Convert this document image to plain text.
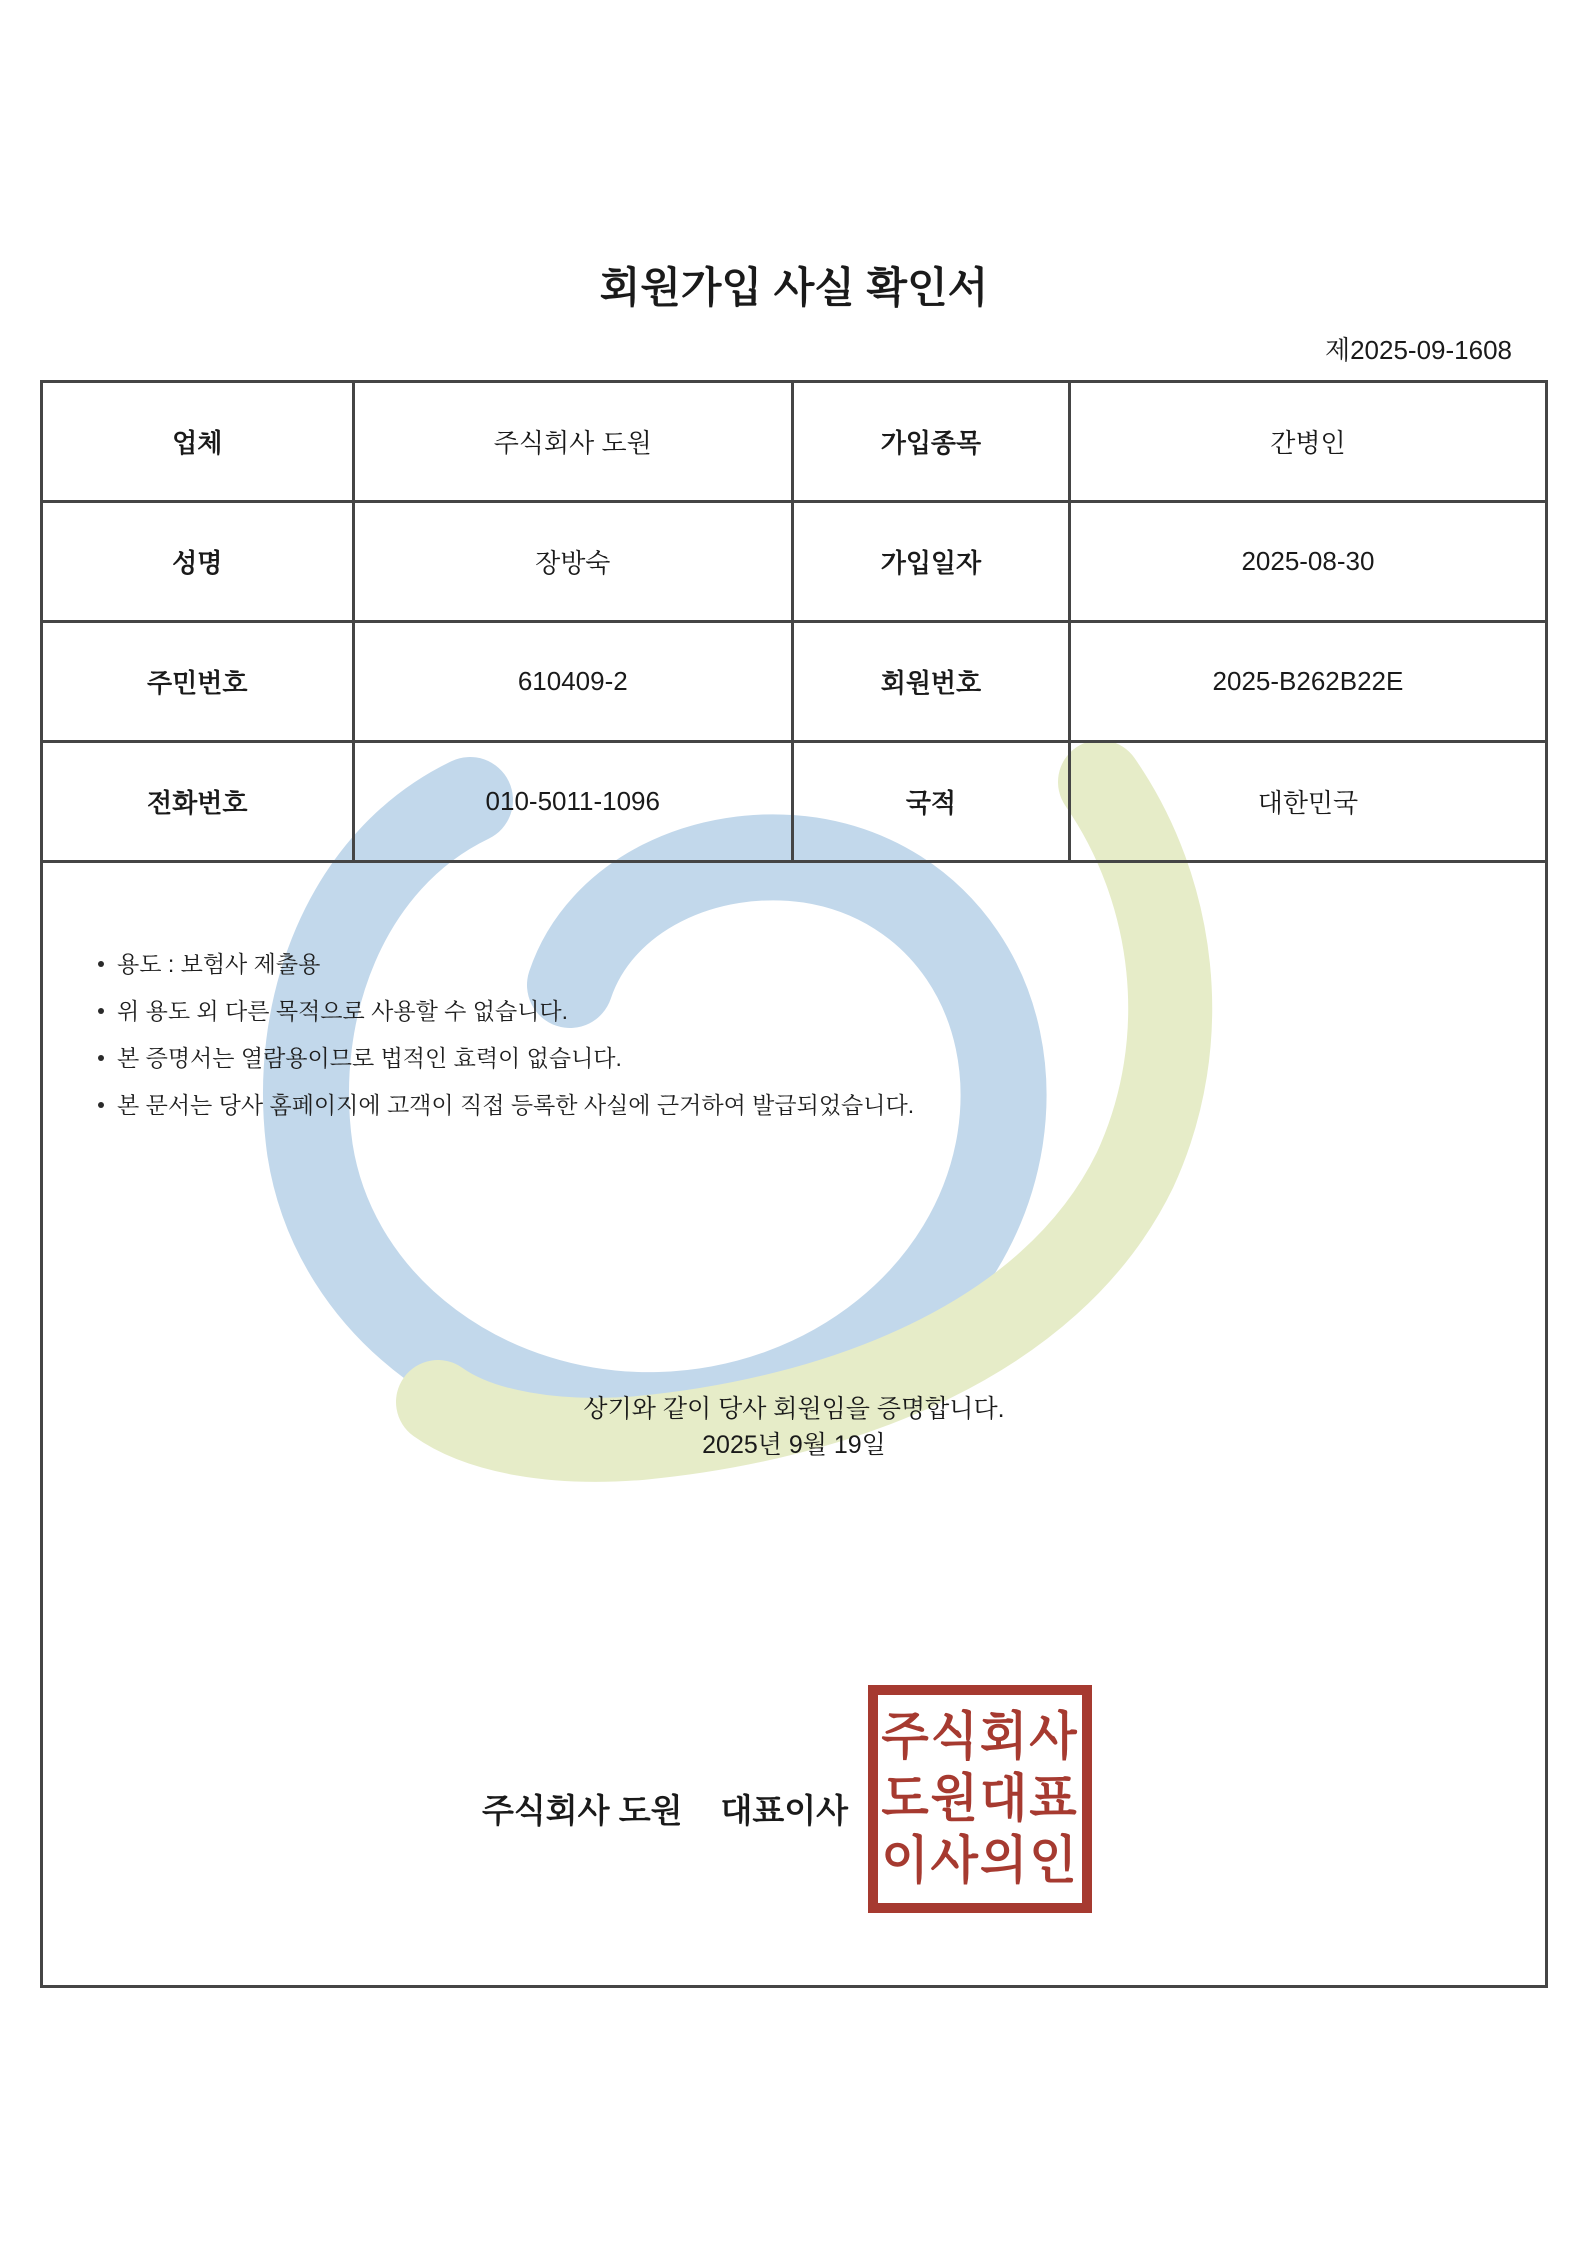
회원가입 사실 확인서
제2025-09-1608
업체	주식회사 도원	가입종목	간병인
성명	장방숙	가입일자	2025-08-30
주민번호	610409-2	회원번호	2025-B262B22E
전화번호	010-5011-1096	국적	대한민국

용도 : 보험사 제출용
위 용도 외 다른 목적으로 사용할 수 없습니다.
본 증명서는 열람용이므로 법적인 효력이 없습니다.
본 문서는 당사 홈페이지에 고객이 직접 등록한 사실에 근거하여 발급되었습니다.
상기와 같이 당사 회원임을 증명합니다.
2025년 9월 19일
주식회사 도원 대표이사
주식회사
도원대표
이사의인
